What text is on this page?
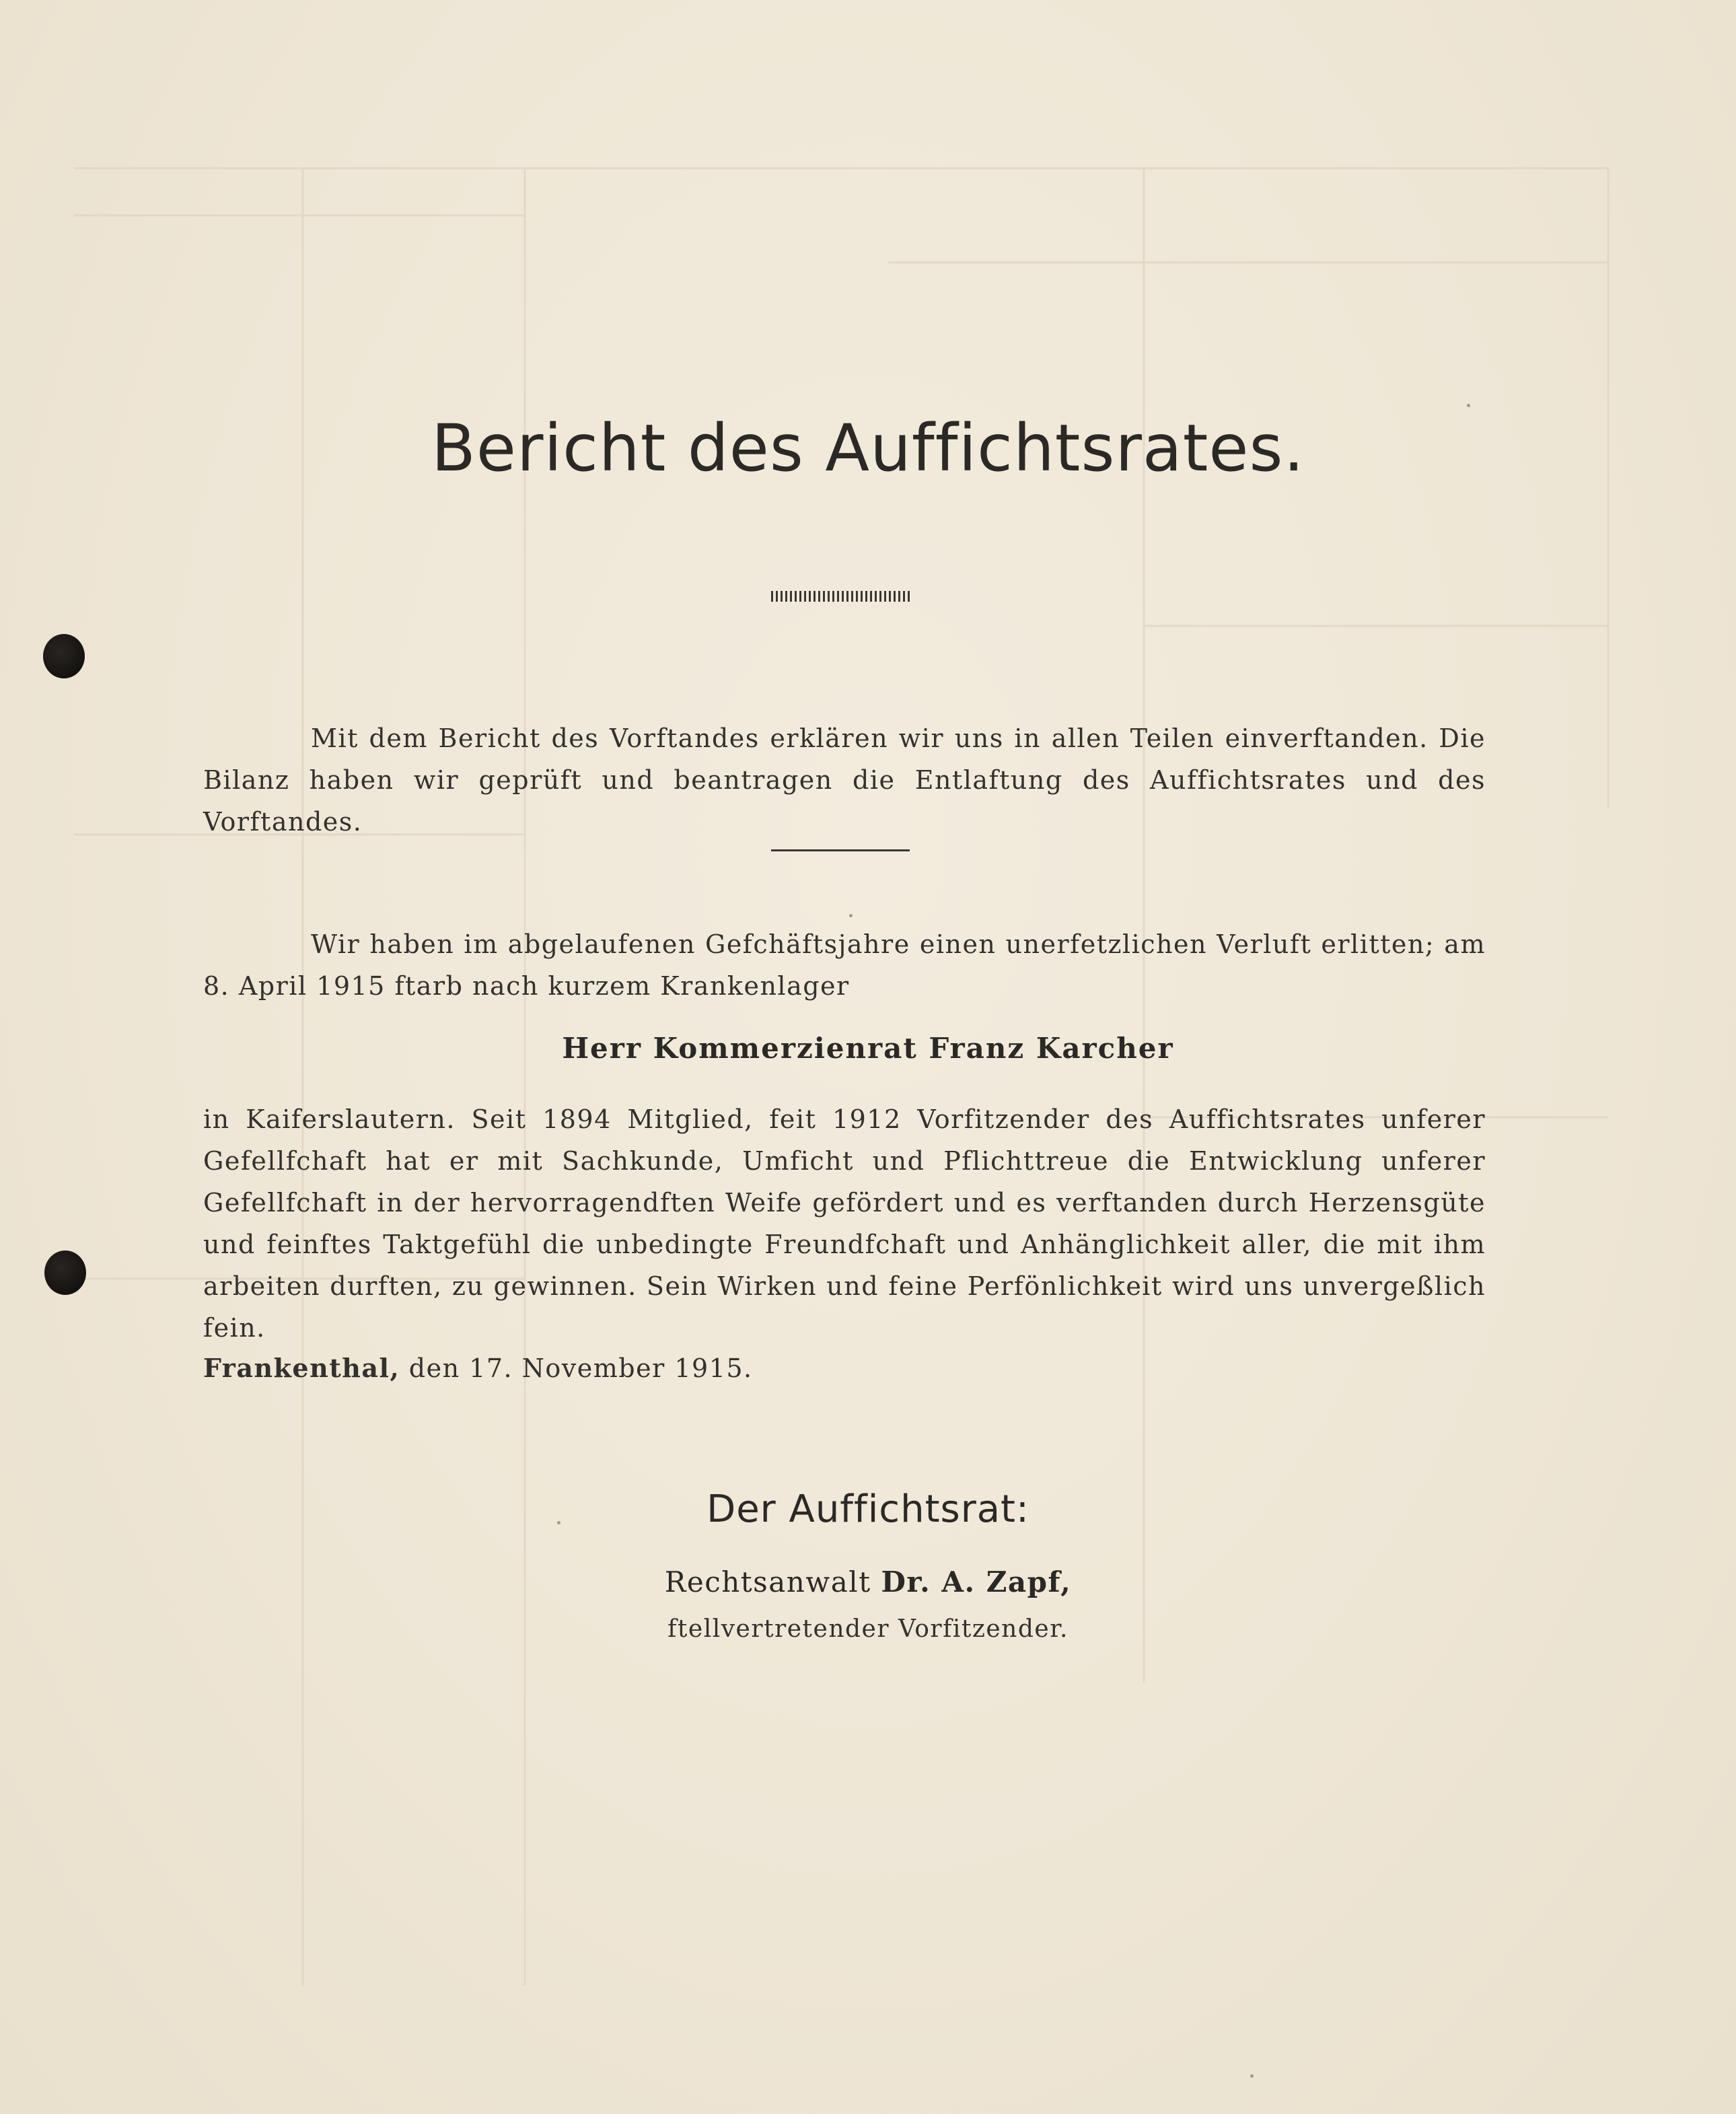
Bericht des Auffichtsrates.

Mit dem Bericht des Vorftandes erklären wir uns in allen Teilen einverftanden. Die Bilanz haben wir geprüft und beantragen die Entlaftung des Auffichtsrates und des Vorftandes.

Wir haben im abgelaufenen Gefchäftsjahre einen unerfetzlichen Verluft erlitten; am 8. April 1915 ftarb nach kurzem Krankenlager

Herr Kommerzienrat Franz Karcher

in Kaiferslautern. Seit 1894 Mitglied, feit 1912 Vorfitzender des Auffichtsrates unferer Gefellfchaft hat er mit Sachkunde, Umficht und Pflichttreue die Entwicklung unferer Gefellfchaft in der hervorragendften Weife gefördert und es verftanden durch Herzensgüte und feinftes Taktgefühl die unbedingte Freundfchaft und Anhänglichkeit aller, die mit ihm arbeiten durften, zu gewinnen. Sein Wirken und feine Perfönlichkeit wird uns unvergeßlich fein.

Frankenthal, den 17. November 1915.
Der Auffichtsrat:
Rechtsanwalt Dr. A. Zapf,
ftellvertretender Vorfitzender.
